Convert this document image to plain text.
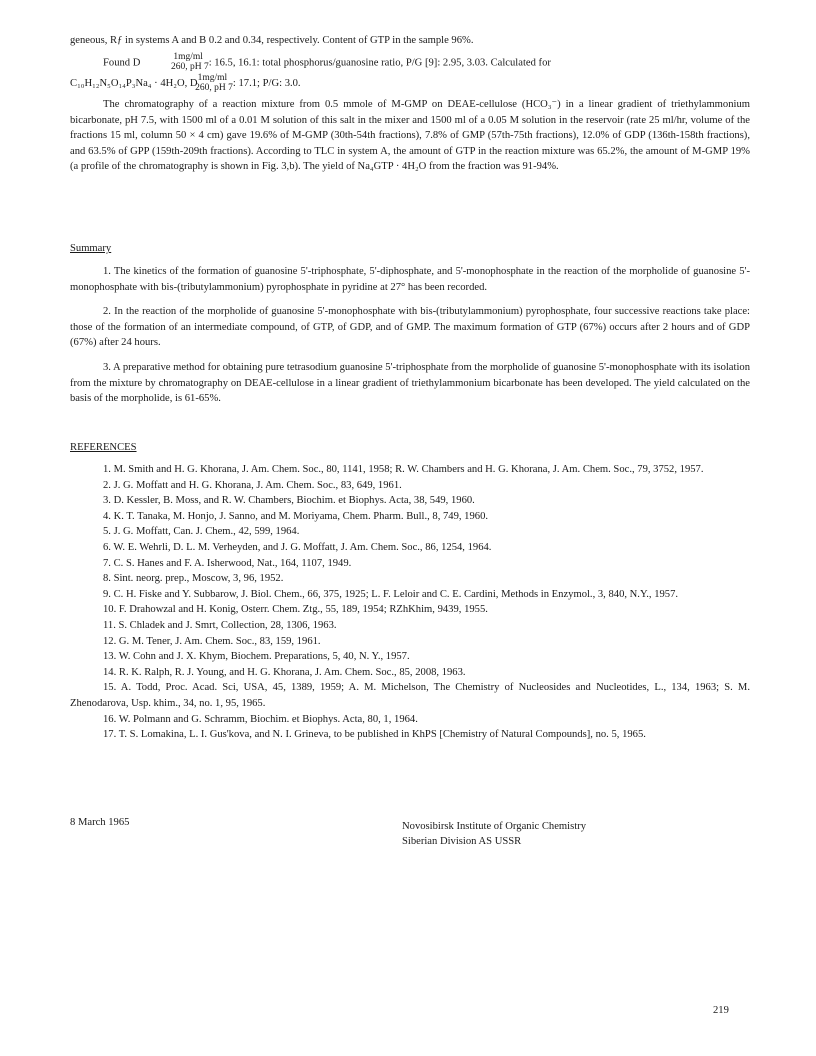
geneous, Rƒ in systems A and B 0.2 and 0.34, respectively. Content of GTP in the sample 96%.

Found D1mg/ml260, pH 7: 16.5, 16.1: total phosphorus/guanosine ratio, P/G [9]: 2.95, 3.03. Calculated for

C₁₀H₁₂N₅O₁₄P₃Na₄ · 4H₂O, D1mg/ml260, pH 7: 17.1; P/G: 3.0.

The chromatography of a reaction mixture from 0.5 mmole of M-GMP on DEAE-cellulose (HCO₃⁻) in a linear gradient of triethylammonium bicarbonate, pH 7.5, with 1500 ml of a 0.01 M solution of this salt in the mixer and 1500 ml of a 0.05 M solution in the reservoir (rate 25 ml/hr, volume of the fractions 15 ml, column 50 × 4 cm) gave 19.6% of M-GMP (30th-54th fractions), 7.8% of GMP (57th-75th fractions), 12.0% of GDP (136th-158th fractions), and 63.5% of GPP (159th-209th fractions). According to TLC in system A, the amount of GTP in the reaction mixture was 65.2%, the amount of M-GMP 19% (a profile of the chromatography is shown in Fig. 3,b). The yield of Na₄GTP · 4H₂O from the fraction was 91-94%.

Summary

1. The kinetics of the formation of guanosine 5'-triphosphate, 5'-diphosphate, and 5'-monophosphate in the reaction of the morpholide of guanosine 5'-monophosphate with bis-(tributylammonium) pyrophosphate in pyridine at 27° has been recorded.

2. In the reaction of the morpholide of guanosine 5'-monophosphate with bis-(tributylammonium) pyrophosphate, four successive reactions take place: those of the formation of an intermediate compound, of GTP, of GDP, and of GMP. The maximum formation of GTP (67%) occurs after 2 hours and of GDP (67%) after 24 hours.

3. A preparative method for obtaining pure tetrasodium guanosine 5'-triphosphate from the morpholide of guanosine 5'-monophosphate with its isolation from the mixture by chromatography on DEAE-cellulose in a linear gradient of triethylammonium bicarbonate has been developed. The yield calculated on the basis of the morpholide, is 61-65%.

REFERENCES

1. M. Smith and H. G. Khorana, J. Am. Chem. Soc., 80, 1141, 1958; R. W. Chambers and H. G. Khorana, J. Am. Chem. Soc., 79, 3752, 1957.

2. J. G. Moffatt and H. G. Khorana, J. Am. Chem. Soc., 83, 649, 1961.

3. D. Kessler, B. Moss, and R. W. Chambers, Biochim. et Biophys. Acta, 38, 549, 1960.

4. K. T. Tanaka, M. Honjo, J. Sanno, and M. Moriyama, Chem. Pharm. Bull., 8, 749, 1960.

5. J. G. Moffatt, Can. J. Chem., 42, 599, 1964.

6. W. E. Wehrli, D. L. M. Verheyden, and J. G. Moffatt, J. Am. Chem. Soc., 86, 1254, 1964.

7. C. S. Hanes and F. A. Isherwood, Nat., 164, 1107, 1949.

8. Sint. neorg. prep., Moscow, 3, 96, 1952.

9. C. H. Fiske and Y. Subbarow, J. Biol. Chem., 66, 375, 1925; L. F. Leloir and C. E. Cardini, Methods in Enzymol., 3, 840, N.Y., 1957.

10. F. Drahowzal and H. Konig, Osterr. Chem. Ztg., 55, 189, 1954; RZhKhim, 9439, 1955.

11. S. Chladek and J. Smrt, Collection, 28, 1306, 1963.

12. G. M. Tener, J. Am. Chem. Soc., 83, 159, 1961.

13. W. Cohn and J. X. Khym, Biochem. Preparations, 5, 40, N. Y., 1957.

14. R. K. Ralph, R. J. Young, and H. G. Khorana, J. Am. Chem. Soc., 85, 2008, 1963.

15. A. Todd, Proc. Acad. Sci, USA, 45, 1389, 1959; A. M. Michelson, The Chemistry of Nucleosides and Nucleotides, L., 134, 1963; S. M. Zhenodarova, Usp. khim., 34, no. 1, 95, 1965.

16. W. Polmann and G. Schramm, Biochim. et Biophys. Acta, 80, 1, 1964.

17. T. S. Lomakina, L. I. Gus'kova, and N. I. Grineva, to be published in KhPS [Chemistry of Natural Compounds], no. 5, 1965.

8 March 1965	Novosibirsk Institute of Organic Chemistry
Siberian Division AS USSR
219
